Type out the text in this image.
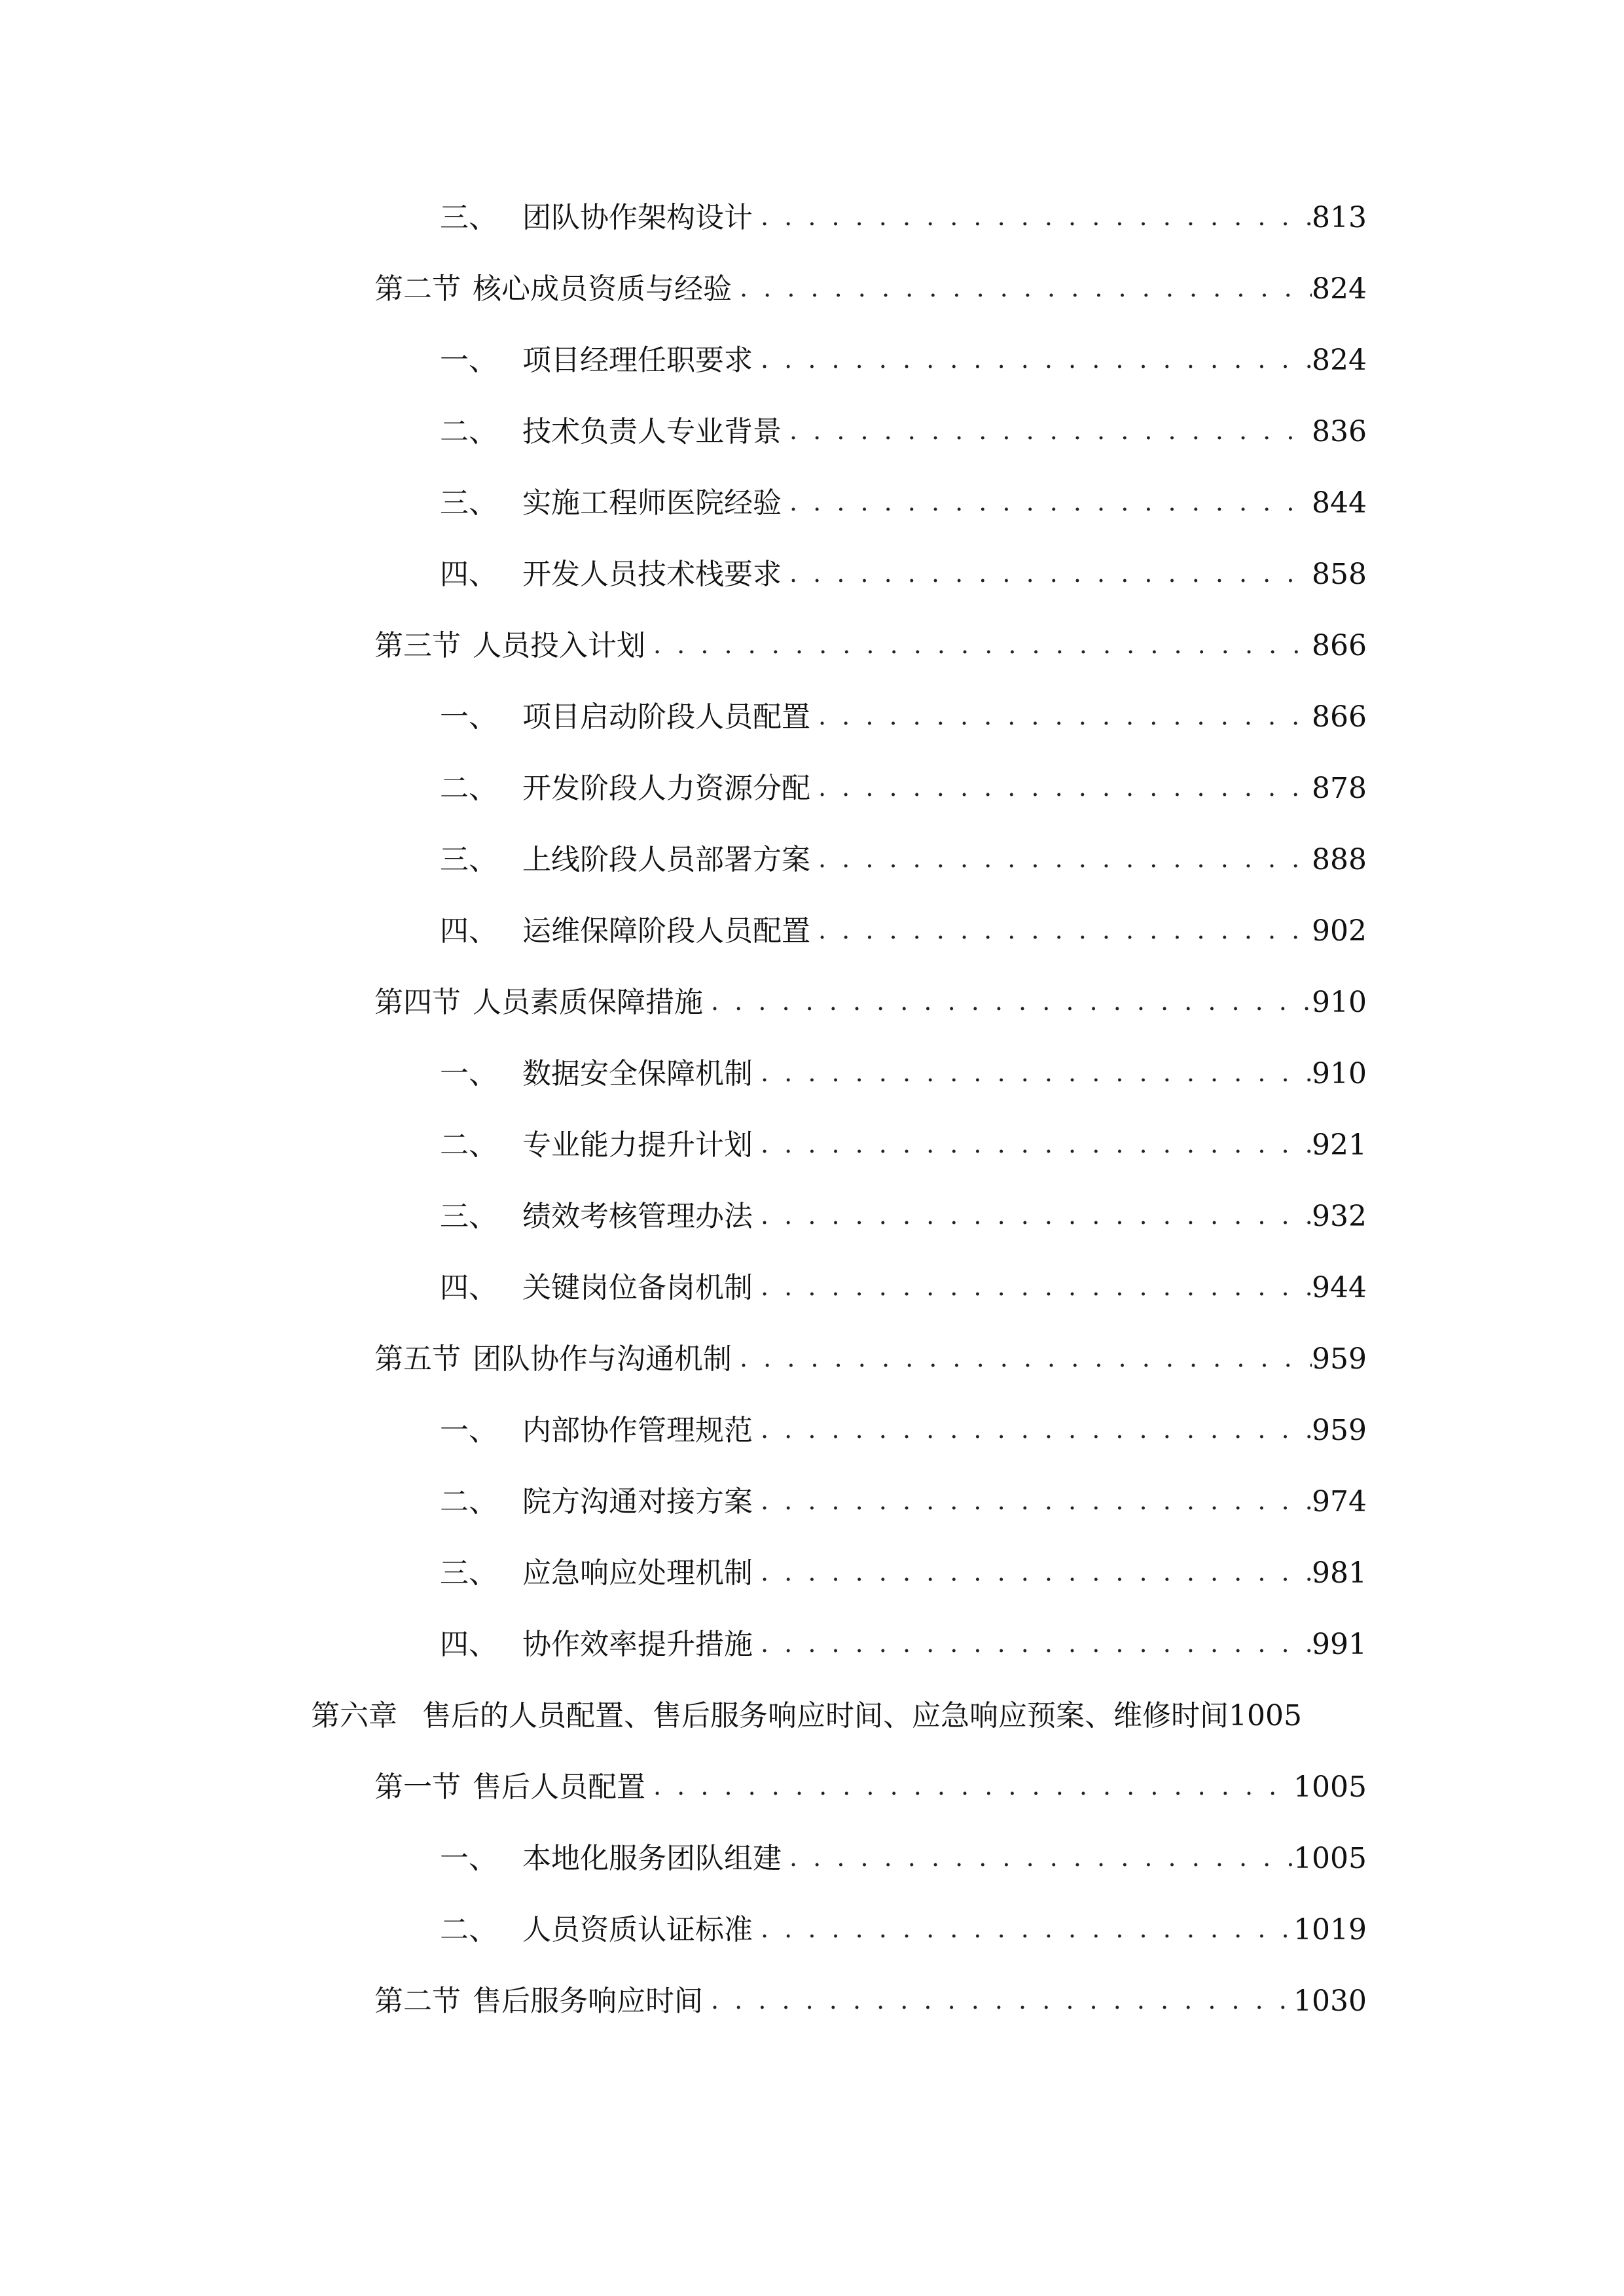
三、 团队协作架构设计 . . .	813
第二节 核心成员资质与经验 . . .	824
一、 项目经理任职要求 . . .	824
二、 技术负责人专业背景 . . .	836
三、 实施工程师医院经验 . . .	844
四、 开发人员技术栈要求 . . .	858
第三节 人员投入计划 . . .	866
一、 项目启动阶段人员配置 . . .	866
二、 开发阶段人力资源分配 . . .	878
三、 上线阶段人员部署方案 . . .	888
四、 运维保障阶段人员配置 . . .	902
第四节 人员素质保障措施 . . .	910
一、 数据安全保障机制 . . .	910
二、 专业能力提升计划 . . .	921
三、 绩效考核管理办法 . . .	932
四、 关键岗位备岗机制 . . .	944
第五节 团队协作与沟通机制 . . .	959
一、 内部协作管理规范 . . .	959
二、 院方沟通对接方案 . . .	974
三、 应急响应处理机制 . . .	981
四、 协作效率提升措施 . . .	991
第六章 售后的人员配置、售后服务响应时间、应急响应预案、维修时间 1005
第一节 售后人员配置 . . .	1005
一、 本地化服务团队组建 . . .	1005
二、 人员资质认证标准 . . .	1019
第二节 售后服务响应时间 . . .	1030
